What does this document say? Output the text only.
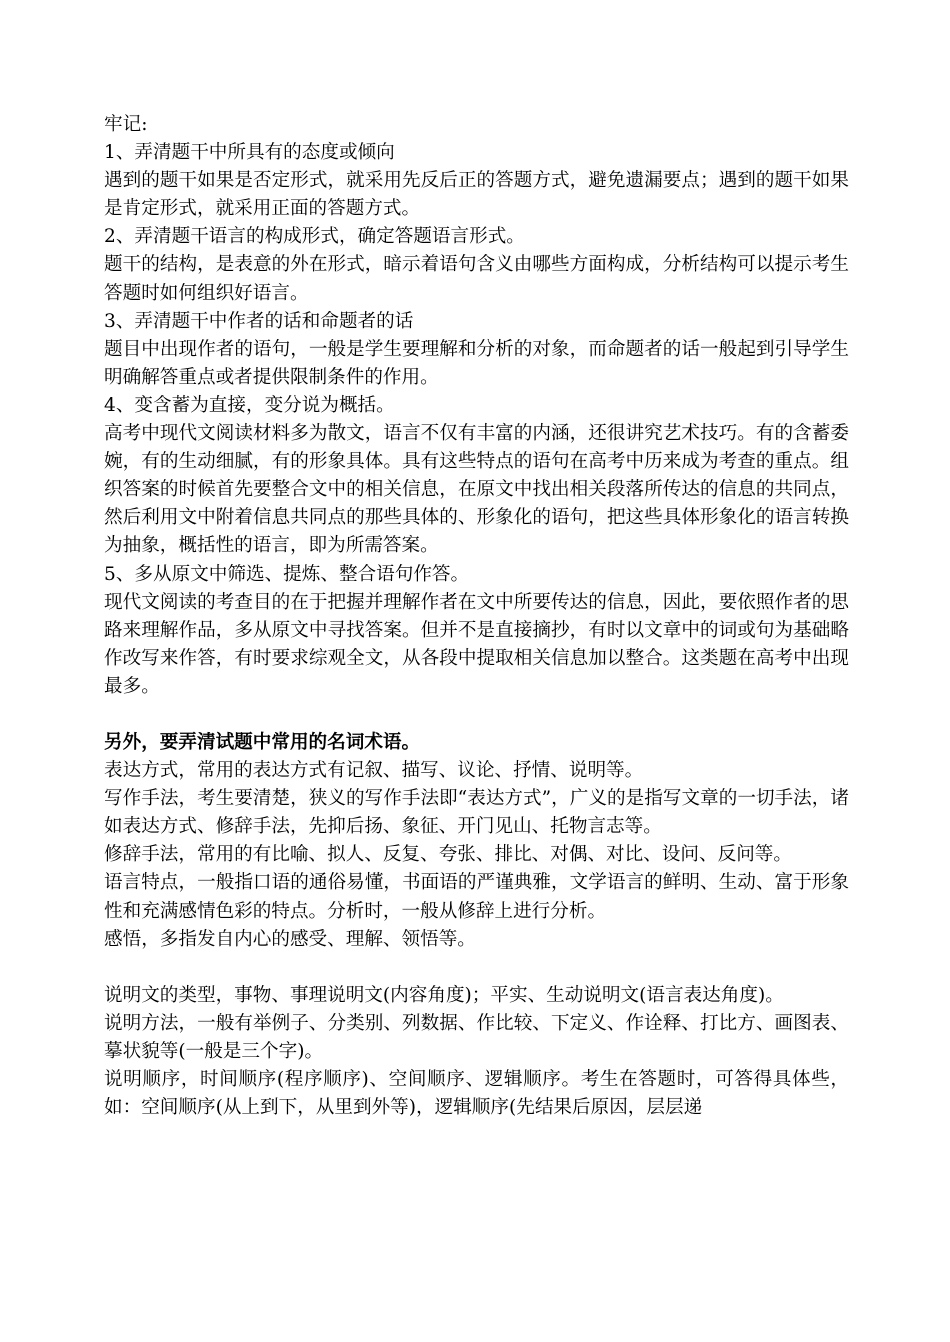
牢记:

1、弄清题干中所具有的态度或倾向

遇到的题干如果是否定形式，就采用先反后正的答题方式，避免遗漏要点；遇到的题干如果是肯定形式，就采用正面的答题方式。

2、弄清题干语言的构成形式，确定答题语言形式。

题干的结构，是表意的外在形式，暗示着语句含义由哪些方面构成，分析结构可以提示考生答题时如何组织好语言。

3、弄清题干中作者的话和命题者的话

题目中出现作者的语句，一般是学生要理解和分析的对象，而命题者的话一般起到引导学生明确解答重点或者提供限制条件的作用。

4、变含蓄为直接，变分说为概括。

高考中现代文阅读材料多为散文，语言不仅有丰富的内涵，还很讲究艺术技巧。有的含蓄委婉，有的生动细腻，有的形象具体。具有这些特点的语句在高考中历来成为考查的重点。组织答案的时候首先要整合文中的相关信息，在原文中找出相关段落所传达的信息的共同点，然后利用文中附着信息共同点的那些具体的、形象化的语句，把这些具体形象化的语言转换为抽象，概括性的语言，即为所需答案。

5、多从原文中筛选、提炼、整合语句作答。

现代文阅读的考查目的在于把握并理解作者在文中所要传达的信息，因此，要依照作者的思路来理解作品，多从原文中寻找答案。但并不是直接摘抄，有时以文章中的词或句为基础略作改写来作答，有时要求综观全文，从各段中提取相关信息加以整合。这类题在高考中出现最多。

另外，要弄清试题中常用的名词术语。

表达方式，常用的表达方式有记叙、描写、议论、抒情、说明等。

写作手法，考生要清楚，狭义的写作手法即“表达方式”，广义的是指写文章的一切手法，诸如表达方式、修辞手法，先抑后扬、象征、开门见山、托物言志等。

修辞手法，常用的有比喻、拟人、反复、夸张、排比、对偶、对比、设问、反问等。

语言特点，一般指口语的通俗易懂，书面语的严谨典雅，文学语言的鲜明、生动、富于形象性和充满感情色彩的特点。分析时，一般从修辞上进行分析。

感悟，多指发自内心的感受、理解、领悟等。

说明文的类型，事物、事理说明文(内容角度)；平实、生动说明文(语言表达角度)。

说明方法，一般有举例子、分类别、列数据、作比较、下定义、作诠释、打比方、画图表、摹状貌等(一般是三个字)。

说明顺序，时间顺序(程序顺序)、空间顺序、逻辑顺序。考生在答题时，可答得具体些，如：空间顺序(从上到下，从里到外等)，逻辑顺序(先结果后原因，层层递
